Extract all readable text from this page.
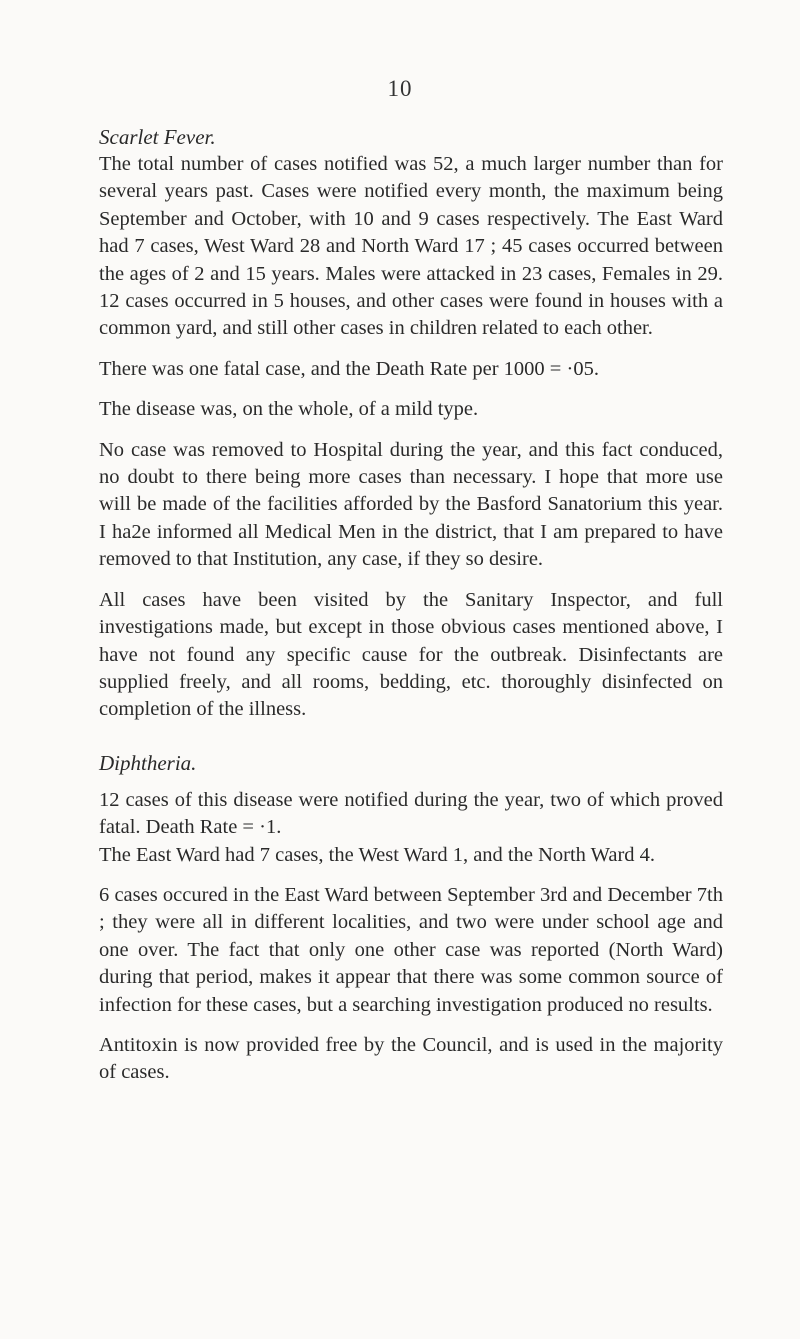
10
Scarlet Fever.

The total number of cases notified was 52, a much larger number than for several years past. Cases were notified every month, the maximum being September and October, with 10 and 9 cases respectively. The East Ward had 7 cases, West Ward 28 and North Ward 17 ; 45 cases occurred between the ages of 2 and 15 years. Males were attacked in 23 cases, Females in 29. 12 cases occurred in 5 houses, and other cases were found in houses with a common yard, and still other cases in children related to each other.

There was one fatal case, and the Death Rate per 1000 = ·05.

The disease was, on the whole, of a mild type.

No case was removed to Hospital during the year, and this fact conduced, no doubt to there being more cases than necessary. I hope that more use will be made of the facilities afforded by the Basford Sanatorium this year. I ha2e informed all Medical Men in the district, that I am prepared to have removed to that Institution, any case, if they so desire.

All cases have been visited by the Sanitary Inspector, and full investigations made, but except in those obvious cases mentioned above, I have not found any specific cause for the outbreak. Disinfectants are supplied freely, and all rooms, bedding, etc. thoroughly disinfected on completion of the illness.

Diphtheria.

12 cases of this disease were notified during the year, two of which proved fatal. Death Rate = ·1.

The East Ward had 7 cases, the West Ward 1, and the North Ward 4.

6 cases occured in the East Ward between September 3rd and December 7th ; they were all in different localities, and two were under school age and one over. The fact that only one other case was reported (North Ward) during that period, makes it appear that there was some common source of infection for these cases, but a searching investigation produced no results.

Antitoxin is now provided free by the Council, and is used in the majority of cases.
